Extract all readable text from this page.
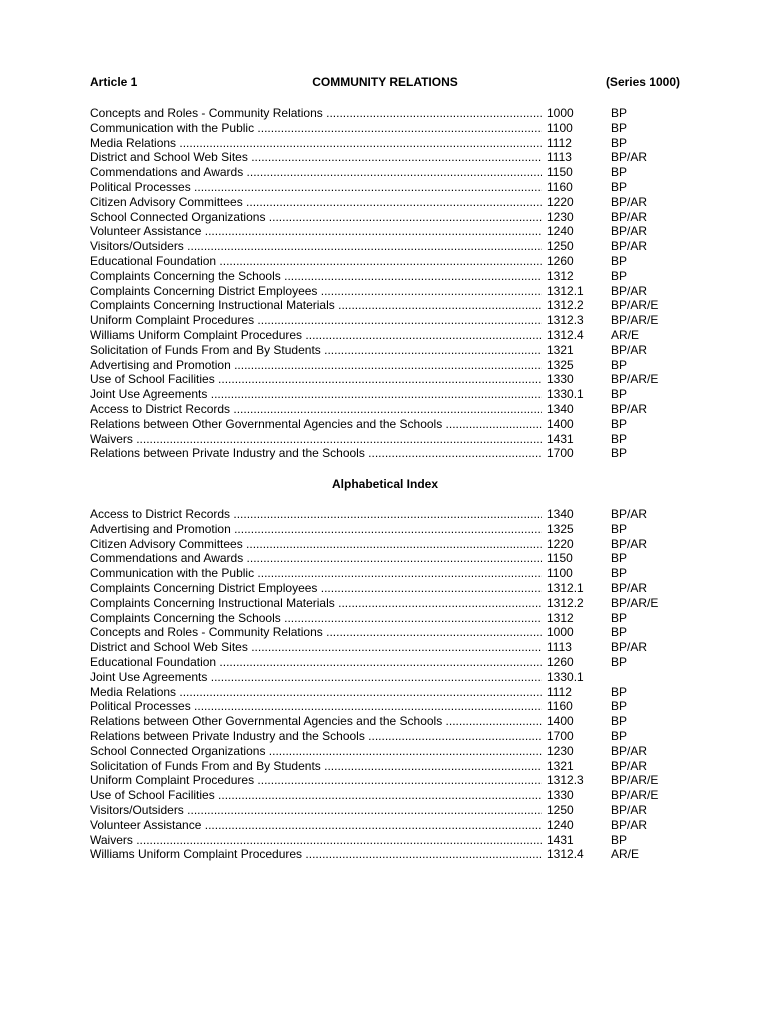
Article 1	COMMUNITY RELATIONS	(Series 1000)
Concepts and Roles - Community Relations .....	1000	BP
Communication with the Public .....	1100	BP
Media Relations .....	1112	BP
District and School Web Sites .....	1113	BP/AR
Commendations and Awards .....	1150	BP
Political Processes .....	1160	BP
Citizen Advisory Committees .....	1220	BP/AR
School Connected Organizations .....	1230	BP/AR
Volunteer Assistance .....	1240	BP/AR
Visitors/Outsiders .....	1250	BP/AR
Educational Foundation .....	1260	BP
Complaints Concerning the Schools .....	1312	BP
Complaints Concerning District Employees .....	1312.1 BP/AR
Complaints Concerning Instructional Materials .....	1312.2 BP/AR/E
Uniform Complaint Procedures .....	1312.3 BP/AR/E
Williams Uniform Complaint Procedures .....	1312.4 AR/E
Solicitation of Funds From and By Students .....	1321	BP/AR
Advertising and Promotion .....	1325	BP
Use of School Facilities .....	1330	BP/AR/E
Joint Use Agreements .....	1330.1 BP
Access to District Records .....	1340	BP/AR
Relations between Other Governmental Agencies and the Schools .....	1400	BP
Waivers .....	1431	BP
Relations between Private Industry and the Schools .....	1700	BP
Alphabetical Index
Access to District Records .....	1340	BP/AR
Advertising and Promotion .....	1325	BP
Citizen Advisory Committees .....	1220	BP/AR
Commendations and Awards .....	1150	BP
Communication with the Public .....	1100	BP
Complaints Concerning District Employees .....	1312.1 BP/AR
Complaints Concerning Instructional Materials .....	1312.2 BP/AR/E
Complaints Concerning the Schools .....	1312	BP
Concepts and Roles - Community Relations .....	1000	BP
District and School Web Sites .....	1113	BP/AR
Educational Foundation .....	1260	BP
Joint Use Agreements .....	1330.1
Media Relations .....	1112	BP
Political Processes .....	1160	BP
Relations between Other Governmental Agencies and the Schools .....	1400	BP
Relations between Private Industry and the Schools .....	1700	BP
School Connected Organizations .....	1230	BP/AR
Solicitation of Funds From and By Students .....	1321	BP/AR
Uniform Complaint Procedures .....	1312.3 BP/AR/E
Use of School Facilities .....	1330	BP/AR/E
Visitors/Outsiders .....	1250	BP/AR
Volunteer Assistance .....	1240	BP/AR
Waivers .....	1431	BP
Williams Uniform Complaint Procedures .....	1312.4 AR/E
